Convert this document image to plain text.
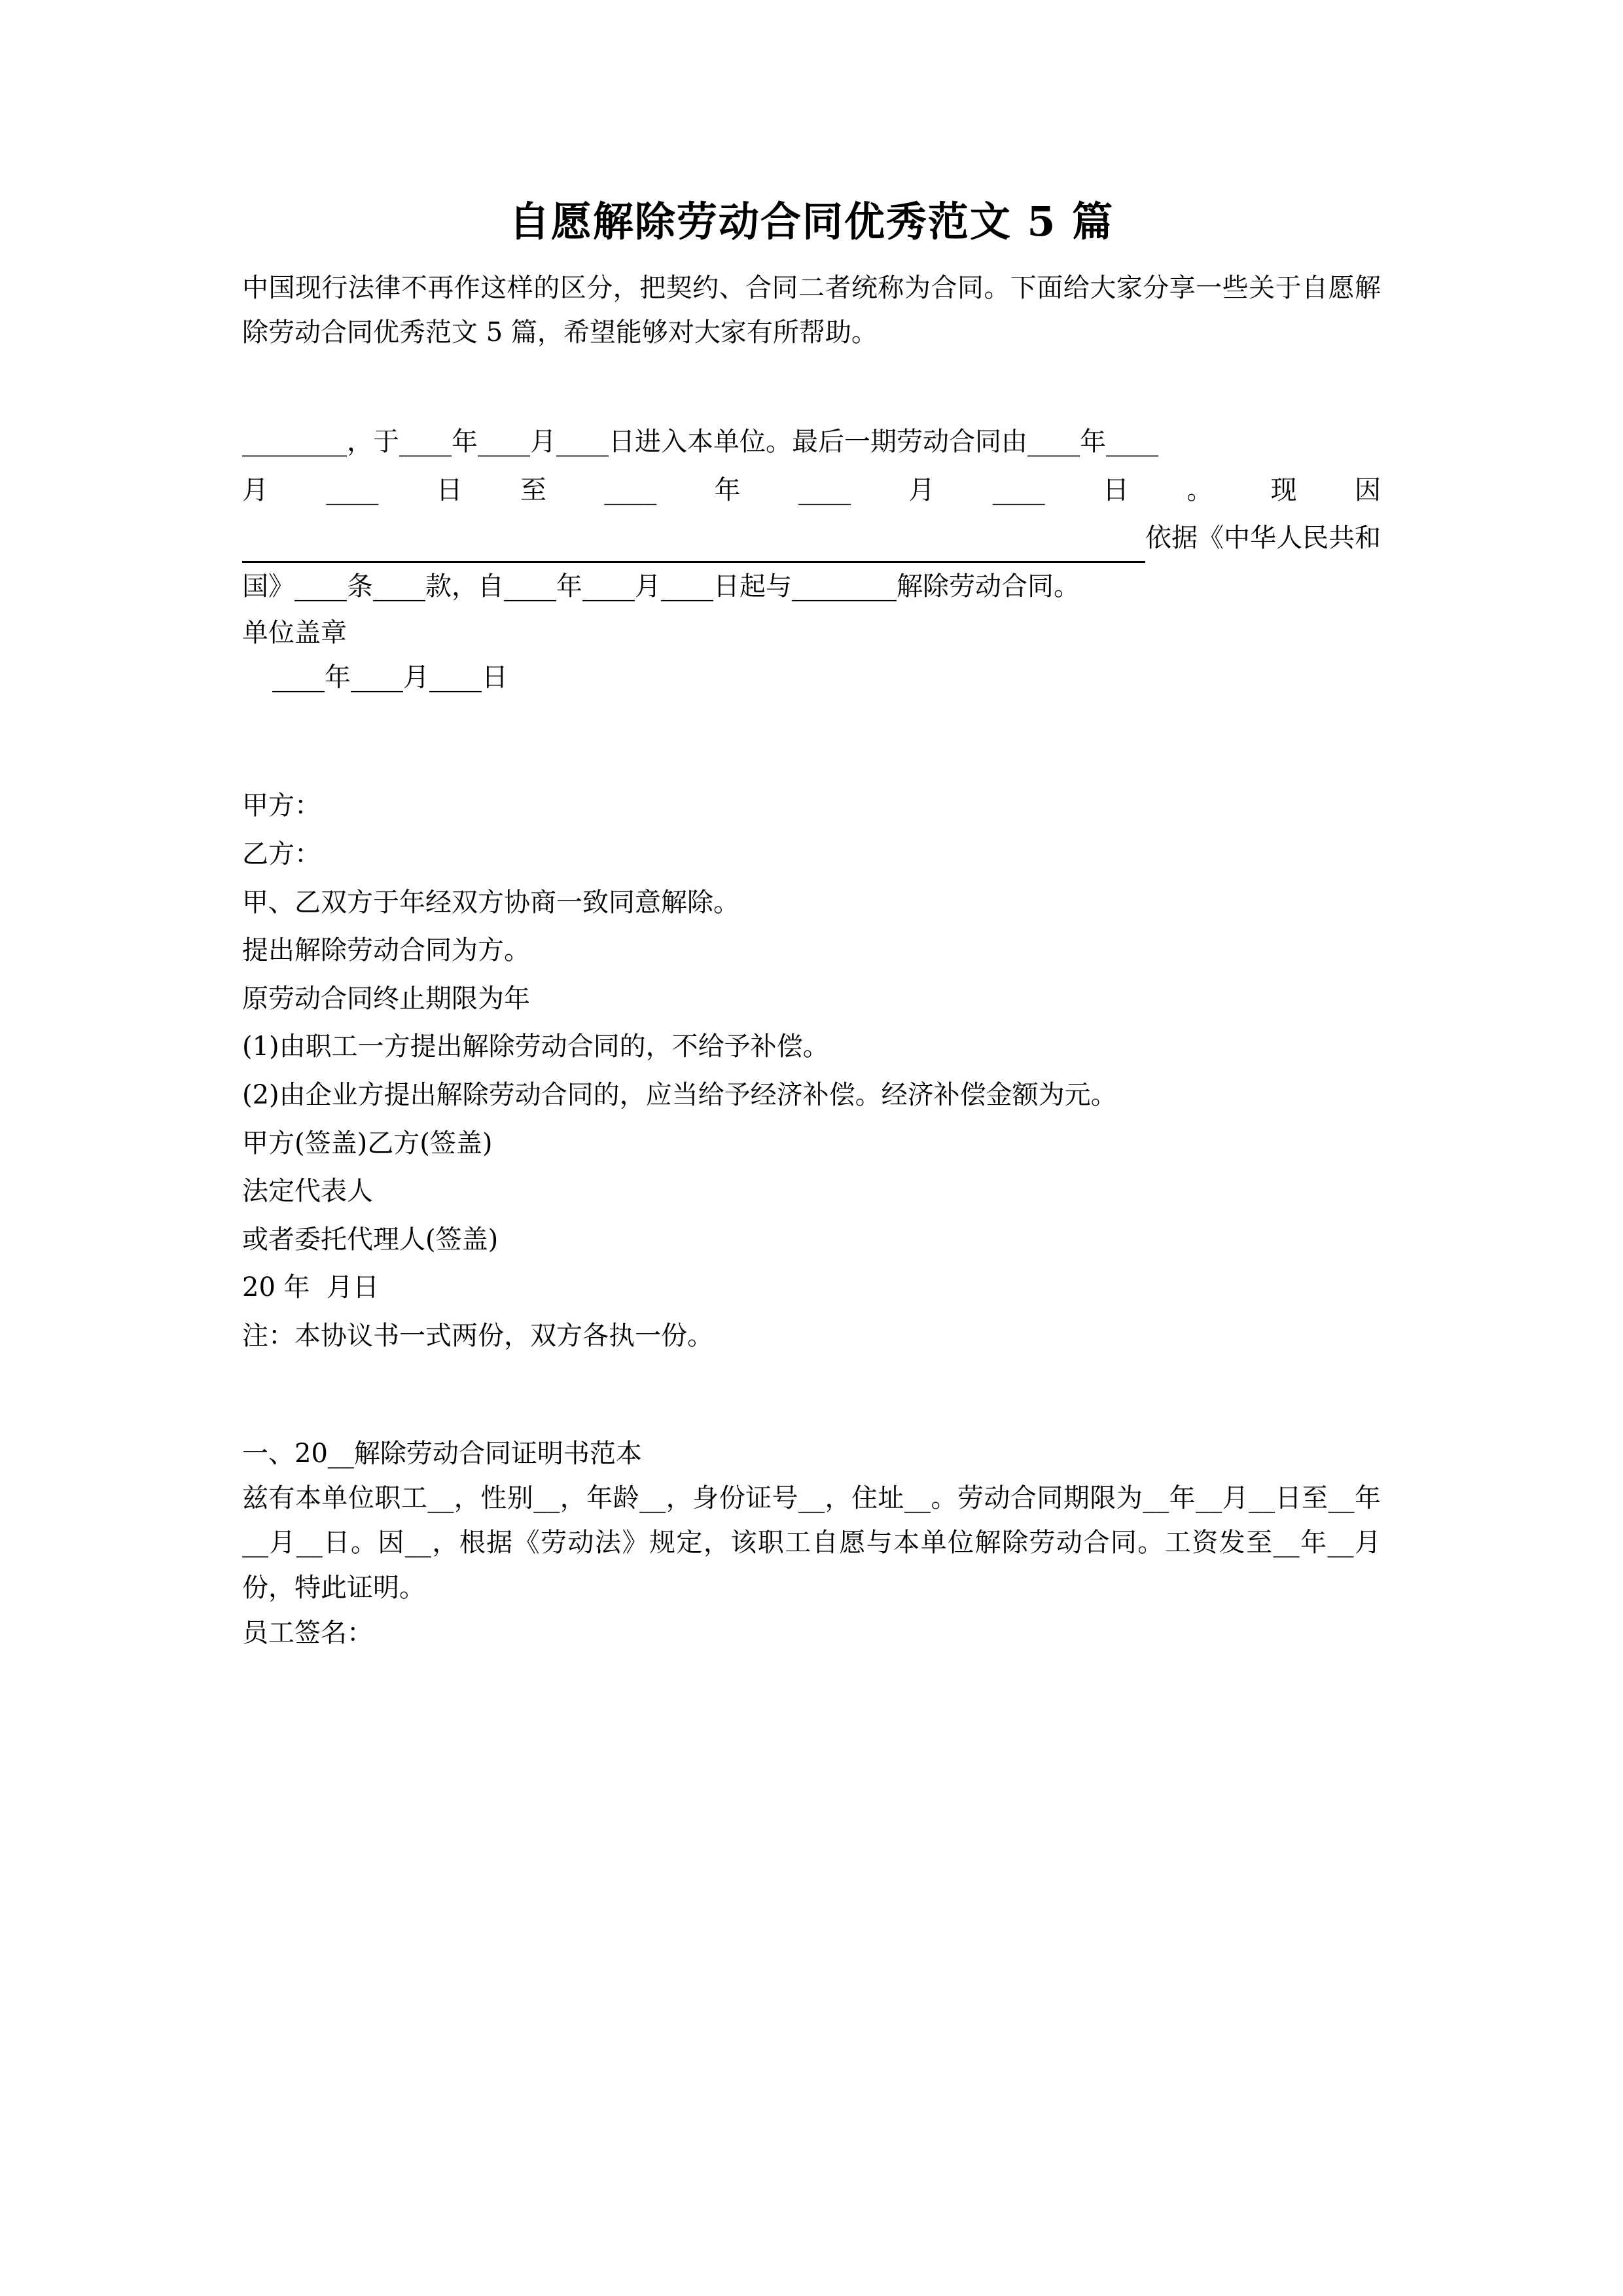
自愿解除劳动合同优秀范文 5 篇

中国现行法律不再作这样的区分，把契约、合同二者统称为合同。下面给大家分享一些关于自愿解除劳动合同优秀范文 5 篇，希望能够对大家有所帮助。

________，于____年____月____日进入本单位。最后一期劳动合同由____年____
月 ____ 日 至 ____ 年 ____ 月 ____ 日 。 现 因
依据《中华人民共和
国》____条____款，自____年____月____日起与________解除劳动合同。
单位盖章
____年____月____日
甲方：
乙方：
甲、乙双方于年经双方协商一致同意解除。
提出解除劳动合同为方。
原劳动合同终止期限为年
(1)由职工一方提出解除劳动合同的，不给予补偿。
(2)由企业方提出解除劳动合同的，应当给予经济补偿。经济补偿金额为元。
甲方(签盖)乙方(签盖)
法定代表人
或者委托代理人(签盖)
20 年  月日
注：本协议书一式两份，双方各执一份。
一、20__解除劳动合同证明书范本

兹有本单位职工__，性别__，年龄__，身份证号__，住址__。劳动合同期限为__年__月__日至__年__月__日。因__，根据《劳动法》规定，该职工自愿与本单位解除劳动合同。工资发至__年__月份，特此证明。

员工签名：
